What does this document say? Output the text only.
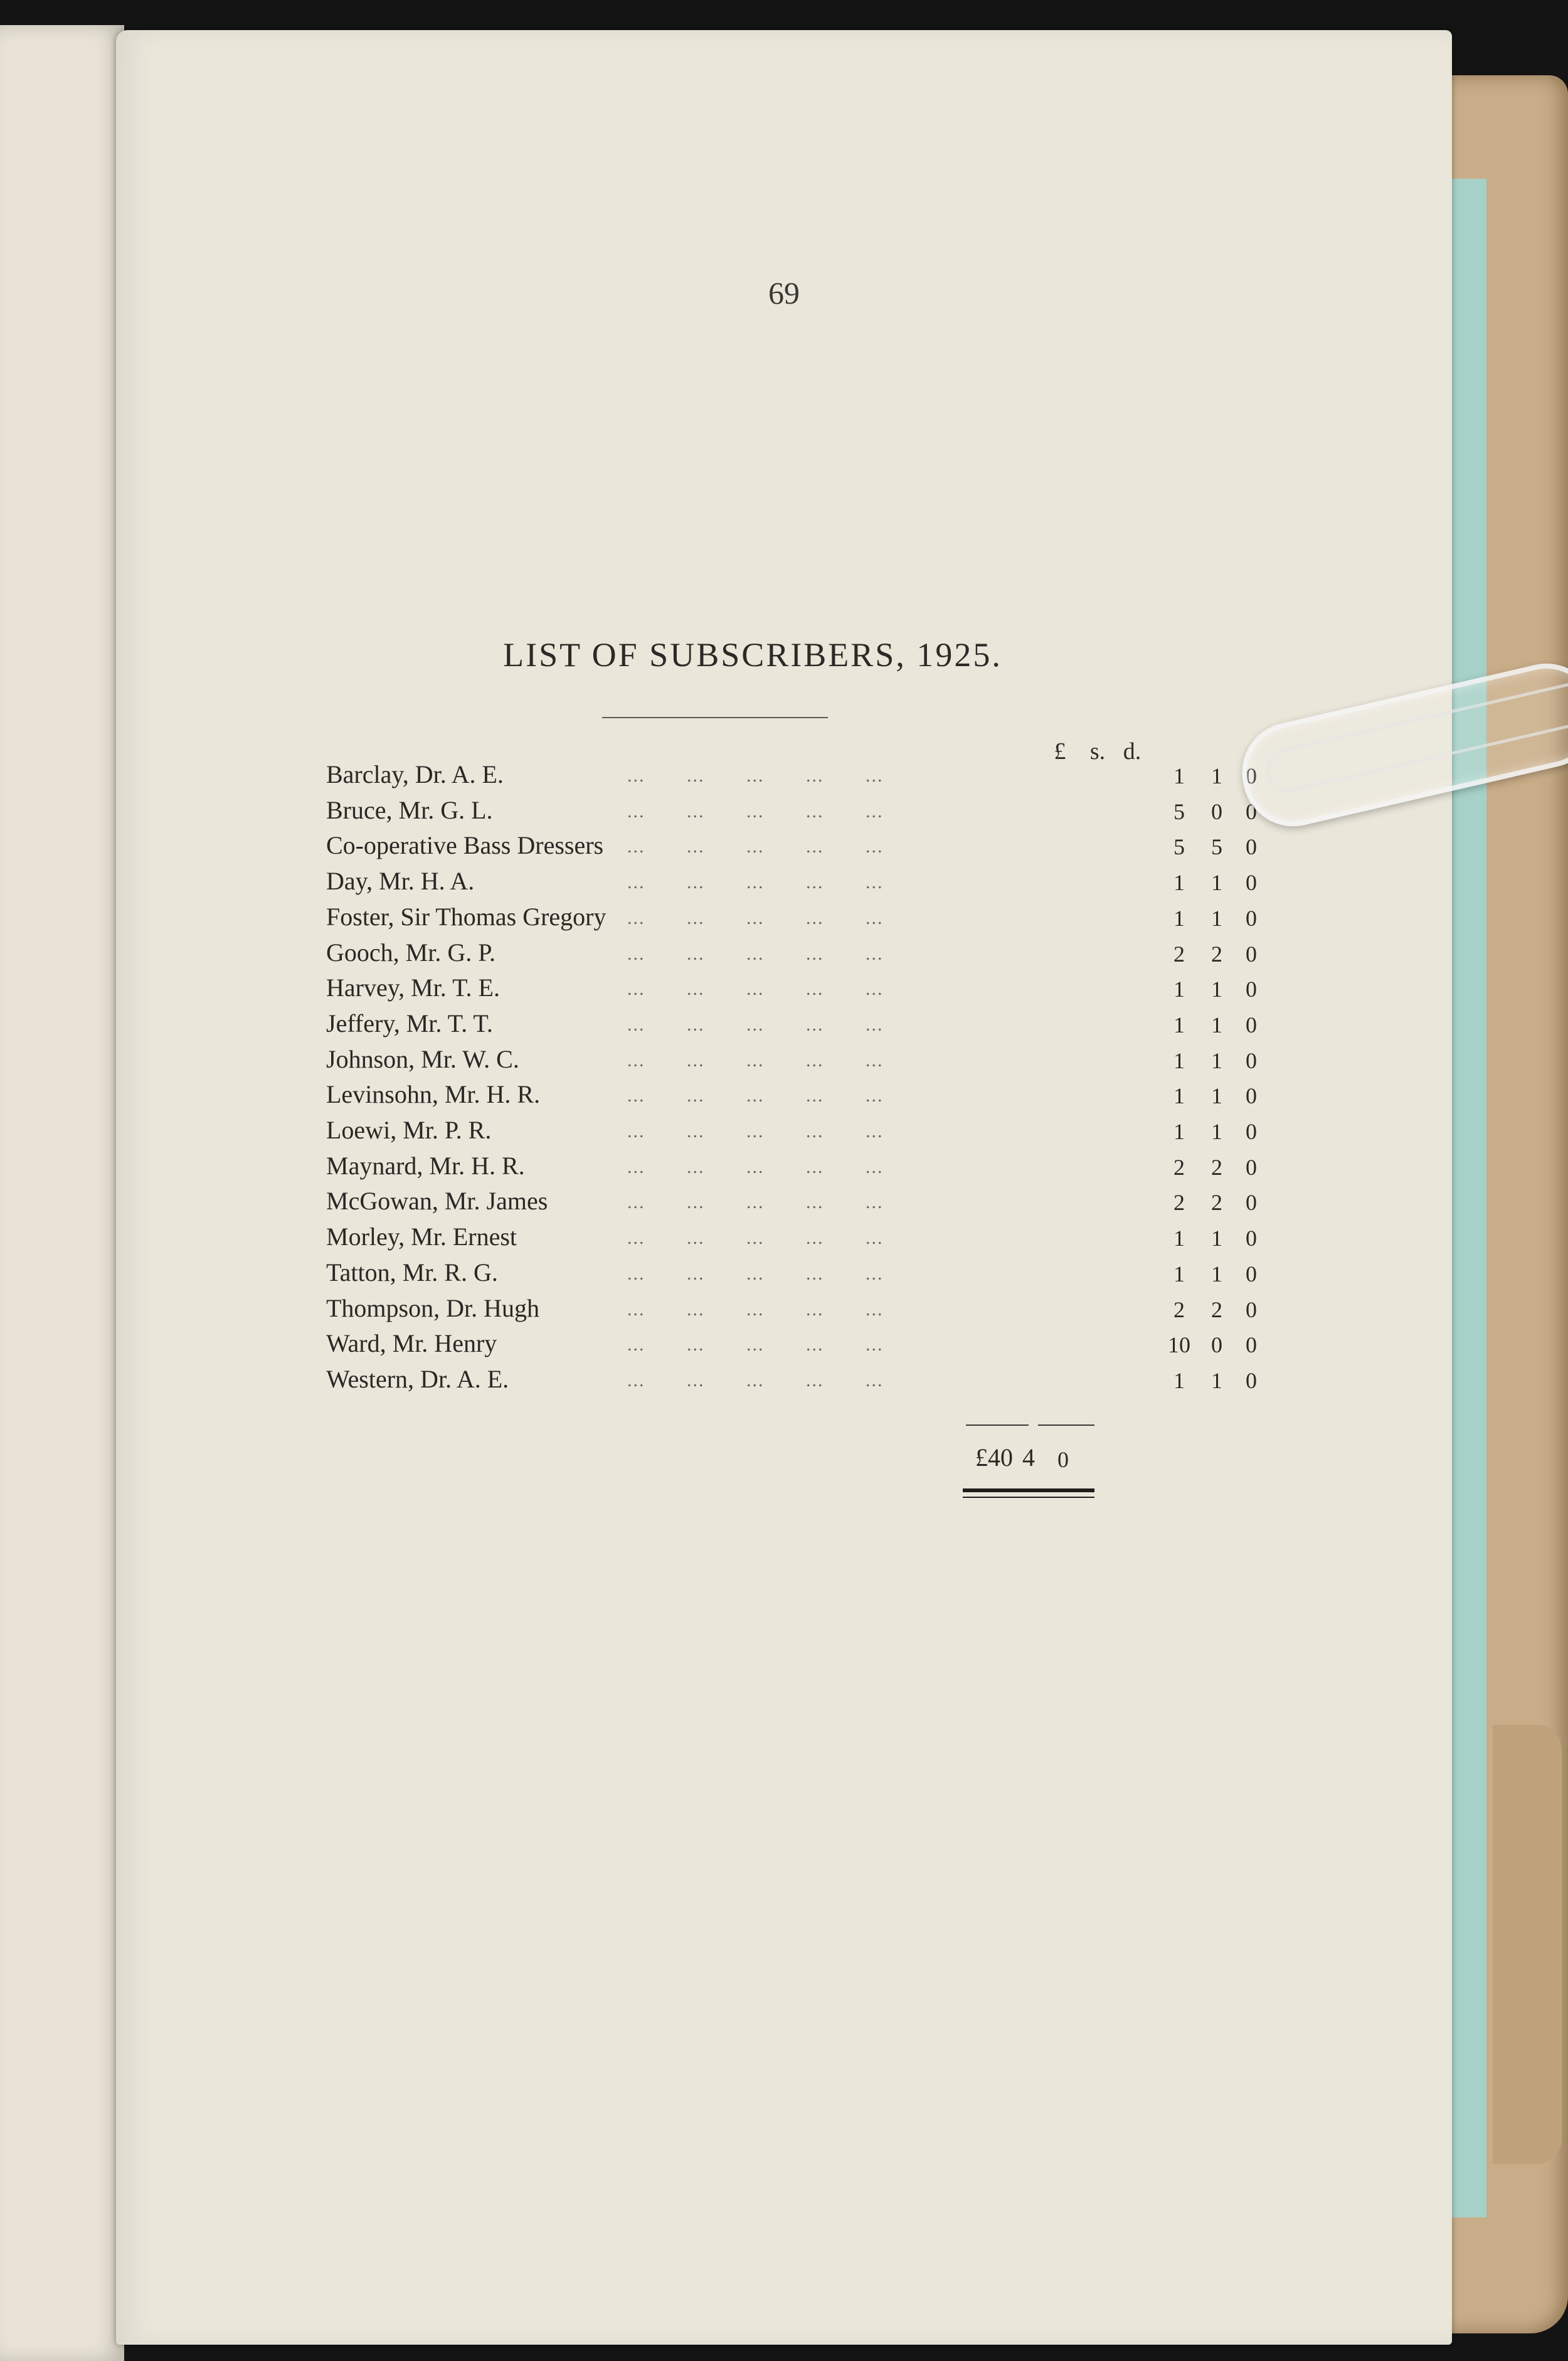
69
LIST OF SUBSCRIBERS, 1925.
£	s. d.
...       ...       ...       ...       ...
Barclay, Dr. A. E.	1	1	0
...       ...       ...       ...       ...
Bruce, Mr. G. L.	5	0	0
...       ...       ...       ...       ...
Co-operative Bass Dressers	5	5	0
...       ...       ...       ...       ...
Day, Mr. H. A.	1	1	0
...       ...       ...       ...       ...
Foster, Sir Thomas Gregory	1	1	0
...       ...       ...       ...       ...
Gooch, Mr. G. P.	2	2	0
...       ...       ...       ...       ...
Harvey, Mr. T. E.	1	1	0
...       ...       ...       ...       ...
Jeffery, Mr. T. T.	1	1	0
...       ...       ...       ...       ...
Johnson, Mr. W. C.	1	1	0
...       ...       ...       ...       ...
Levinsohn, Mr. H. R.	1	1	0
...       ...       ...       ...       ...
Loewi, Mr. P. R.	1	1	0
...       ...       ...       ...       ...
Maynard, Mr. H. R.	2	2	0
...       ...       ...       ...       ...
McGowan, Mr. James	2	2	0
...       ...       ...       ...       ...
Morley, Mr. Ernest	1	1	0
...       ...       ...       ...       ...
Tatton, Mr. R. G.	1	1	0
...       ...       ...       ...       ...
Thompson, Dr. Hugh	2	2	0
...       ...       ...       ...       ...
Ward, Mr. Henry	10 0	0
...       ...       ...       ...       ...
Western, Dr. A. E.	1	1	0
£40 4	0
